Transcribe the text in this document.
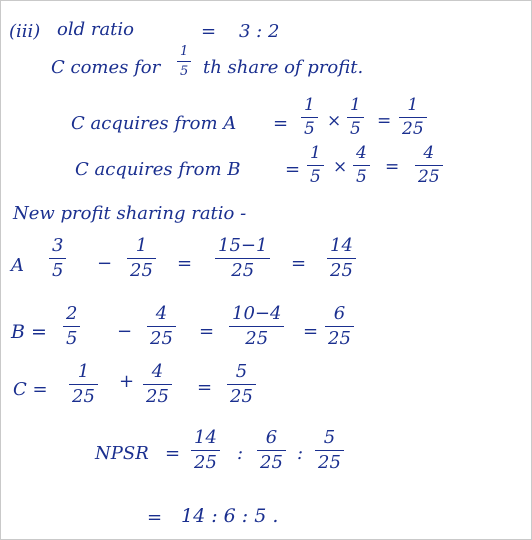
(iii) old ratio	= 3 : 2
C comes for
1
5 th share of profit.
C acquires from A =
1
5 ×
1
5 =
1
25
C acquires from B =
1
5 ×
4
5 =
4
25
New profit sharing ratio -
A
3
5 −
1
25 =
15−1
25 =
14
25
B =
2
5 −
4
25 =
10−4
25 =
6
25
C =
1
25
+ 4
25 =
5
25
NPSR =
14
25 :
6
25 :
5
25
= 14 : 6 : 5 .
